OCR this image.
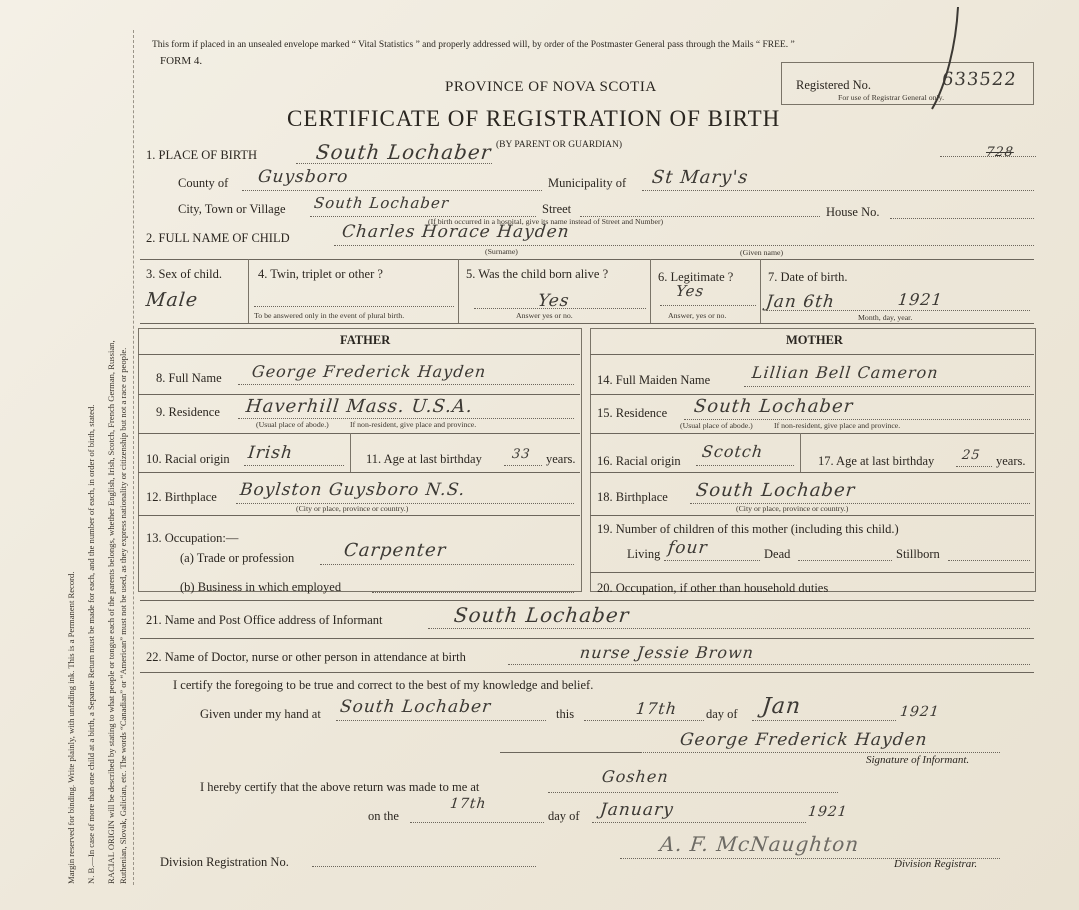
Margin reserved for binding. Write plainly, with unfading ink. This is a Permanent Record. N. B.—In case of more than one child at a birth, a Separate Return must be made for each, and the number of each, in order of birth, stated. RACIAL ORIGIN will be described by stating to what people or tongue each of the parents belongs, whether English, Irish, Scotch, French German, Russian, Ruthenian, Slovak, Galician, etc. The words “Canadian” or “American” must not be used, as they express nationality or citizenship but not a race or people.
This form if placed in an unsealed envelope marked “ Vital Statistics ” and properly addressed will, by order of the Postmaster General pass through the Mails “ FREE. ”
FORM 4.
PROVINCE OF NOVA SCOTIA
CERTIFICATE OF REGISTRATION OF BIRTH
Registered No.	633522
For use of Registrar General only.
1. PLACE OF BIRTH	South Lochaber (BY PARENT OR GUARDIAN)	728
County of Guysboro	Municipality of St Mary's
City, Town or Village South Lochaber	Street	House No.
(If birth occurred in a hospital, give its name instead of Street and Number)
2. FULL NAME OF CHILD	Charles Horace Hayden
(Surname)	(Given name)
3. Sex of child.
Male
4. Twin, triplet or other ?
To be answered only in the event of plural birth.
5. Was the child born alive ?
Yes
Answer yes or no.
6. Legitimate ?
Yes
Answer, yes or no.
7. Date of birth.
Jan 6th	1921
Month, day, year.
FATHER	MOTHER
8. Full Name George Frederick Hayden
9. Residence Haverhill Mass. U.S.A.
(Usual place of abode.)	If non-resident, give place and province.
10. Racial origin Irish	11. Age at last birthday 33 years.
12. Birthplace Boylston Guysboro N.S.
(City or place, province or country.)
13. Occupation:—
(a) Trade or profession	Carpenter
(b) Business in which employed
14. Full Maiden Name	Lillian Bell Cameron
15. Residence South Lochaber
(Usual place of abode.)	If non-resident, give place and province.
16. Racial origin Scotch	17. Age at last birthday 25 years.
18. Birthplace South Lochaber
(City or place, province or country.)
19. Number of children of this mother (including this child.)
Living four	Dead	Stillborn
20. Occupation, if other than household duties
21. Name and Post Office address of Informant	South Lochaber
22. Name of Doctor, nurse or other person in attendance at birth	nurse Jessie Brown
I certify the foregoing to be true and correct to the best of my knowledge and belief.
Given under my hand at South Lochaber	this	17th day of Jan	1921
George Frederick Hayden
Signature of Informant.
I hereby certify that the above return was made to me at
Goshen
on the
17th
day of January	1921
Division Registration No.
A. F. McNaughton
Division Registrar.
